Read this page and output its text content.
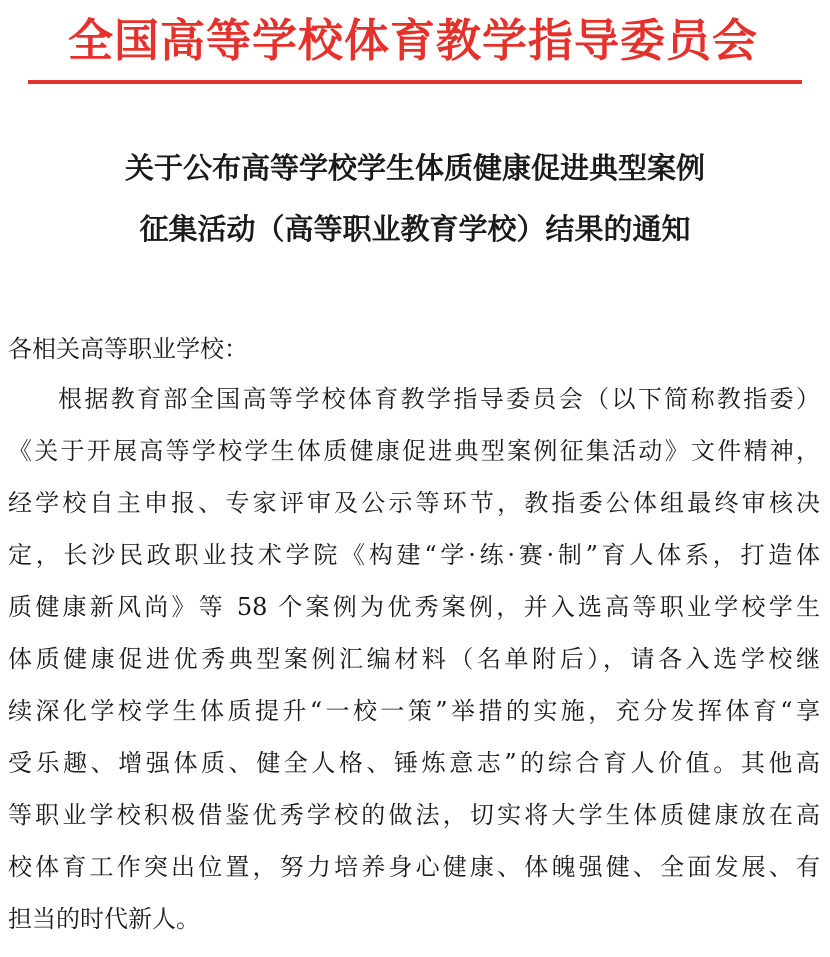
全国高等学校体育教学指导委员会
关于公布高等学校学生体质健康促进典型案例
征集活动（高等职业教育学校）结果的通知
各相关高等职业学校：
根据教育部全国高等学校体育教学指导委员会（以下简称教指委）
《关于开展高等学校学生体质健康促进典型案例征集活动》文件精神，
经学校自主申报、专家评审及公示等环节，教指委公体组最终审核决
定，长沙民政职业技术学院《构建“学·练·赛·制”育人体系，打造体
质健康新风尚》等 58 个案例为优秀案例，并入选高等职业学校学生
体质健康促进优秀典型案例汇编材料（名单附后），请各入选学校继
续深化学校学生体质提升“一校一策”举措的实施，充分发挥体育“享
受乐趣、增强体质、健全人格、锤炼意志”的综合育人价值。其他高
等职业学校积极借鉴优秀学校的做法，切实将大学生体质健康放在高
校体育工作突出位置，努力培养身心健康、体魄强健、全面发展、有
担当的时代新人。
